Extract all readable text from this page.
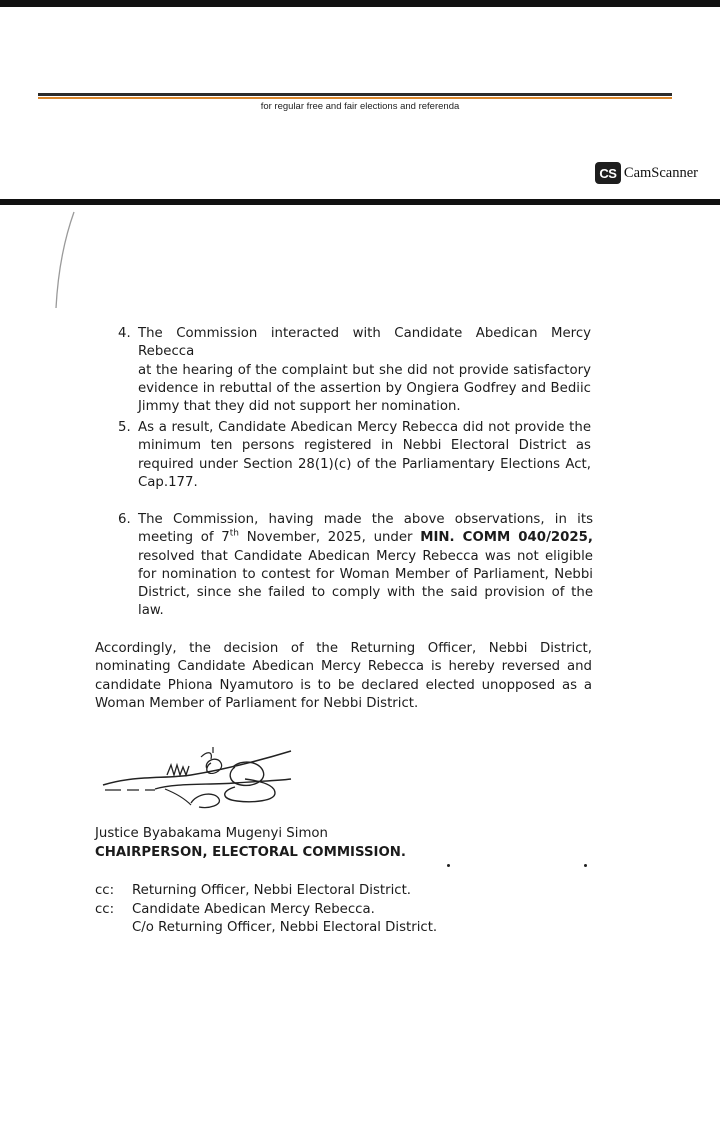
for regular free and fair elections and referenda
CS CamScanner
4. The Commission interacted with Candidate Abedican Mercy Rebecca
at the hearing of the complaint but she did not provide satisfactory
evidence in rebuttal of the assertion by Ongiera Godfrey and Bediic
Jimmy that they did not support her nomination.
5. As a result, Candidate Abedican Mercy Rebecca did not provide the
minimum ten persons registered in Nebbi Electoral District as
required under Section 28(1)(c) of the Parliamentary Elections Act,
Cap.177.
6. The Commission, having made the above observations, in its
meeting of 7th November, 2025, under MIN. COMM 040/2025,
resolved that Candidate Abedican Mercy Rebecca was not eligible
for nomination to contest for Woman Member of Parliament, Nebbi
District, since she failed to comply with the said provision of the
law.
Accordingly, the decision of the Returning Officer, Nebbi District,
nominating Candidate Abedican Mercy Rebecca is hereby reversed and
candidate Phiona Nyamutoro is to be declared elected unopposed as a
Woman Member of Parliament for Nebbi District.
Justice Byabakama Mugenyi Simon
CHAIRPERSON, ELECTORAL COMMISSION.
cc: Returning Officer, Nebbi Electoral District.
cc: Candidate Abedican Mercy Rebecca.
C/o Returning Officer, Nebbi Electoral District.
